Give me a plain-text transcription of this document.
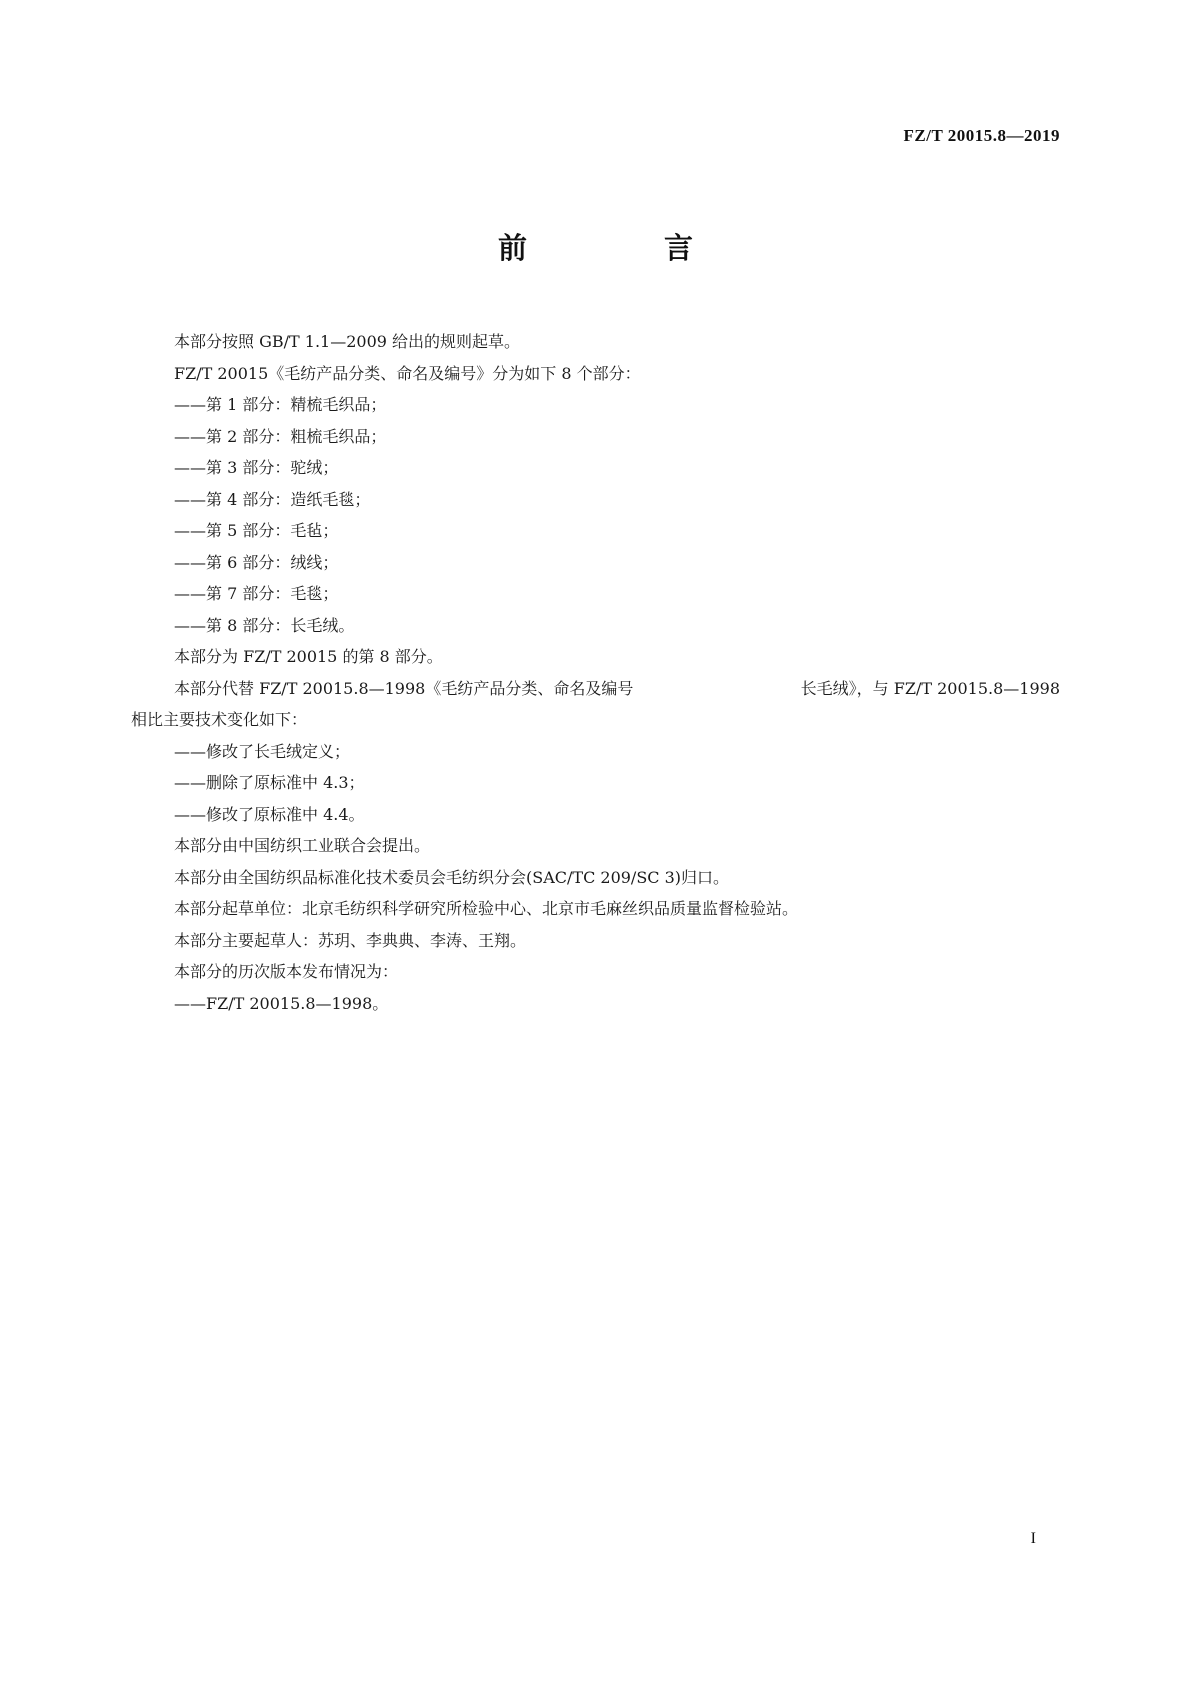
FZ/T 20015.8—2019
前　言
本部分按照 GB/T 1.1—2009 给出的规则起草。
FZ/T 20015《毛纺产品分类、命名及编号》分为如下 8 个部分：
——第 1 部分：精梳毛织品；
——第 2 部分：粗梳毛织品；
——第 3 部分：驼绒；
——第 4 部分：造纸毛毯；
——第 5 部分：毛毡；
——第 6 部分：绒线；
——第 7 部分：毛毯；
——第 8 部分：长毛绒。
本部分为 FZ/T 20015 的第 8 部分。
本部分代替 FZ/T 20015.8—1998《毛纺产品分类、命名及编号	长毛绒》，与 FZ/T 20015.8—1998
相比主要技术变化如下：
——修改了长毛绒定义；
——删除了原标准中 4.3；
——修改了原标准中 4.4。
本部分由中国纺织工业联合会提出。
本部分由全国纺织品标准化技术委员会毛纺织分会(SAC/TC 209/SC 3)归口。
本部分起草单位：北京毛纺织科学研究所检验中心、北京市毛麻丝织品质量监督检验站。
本部分主要起草人：苏玥、李典典、李涛、王翔。
本部分的历次版本发布情况为：
——FZ/T 20015.8—1998。
I
